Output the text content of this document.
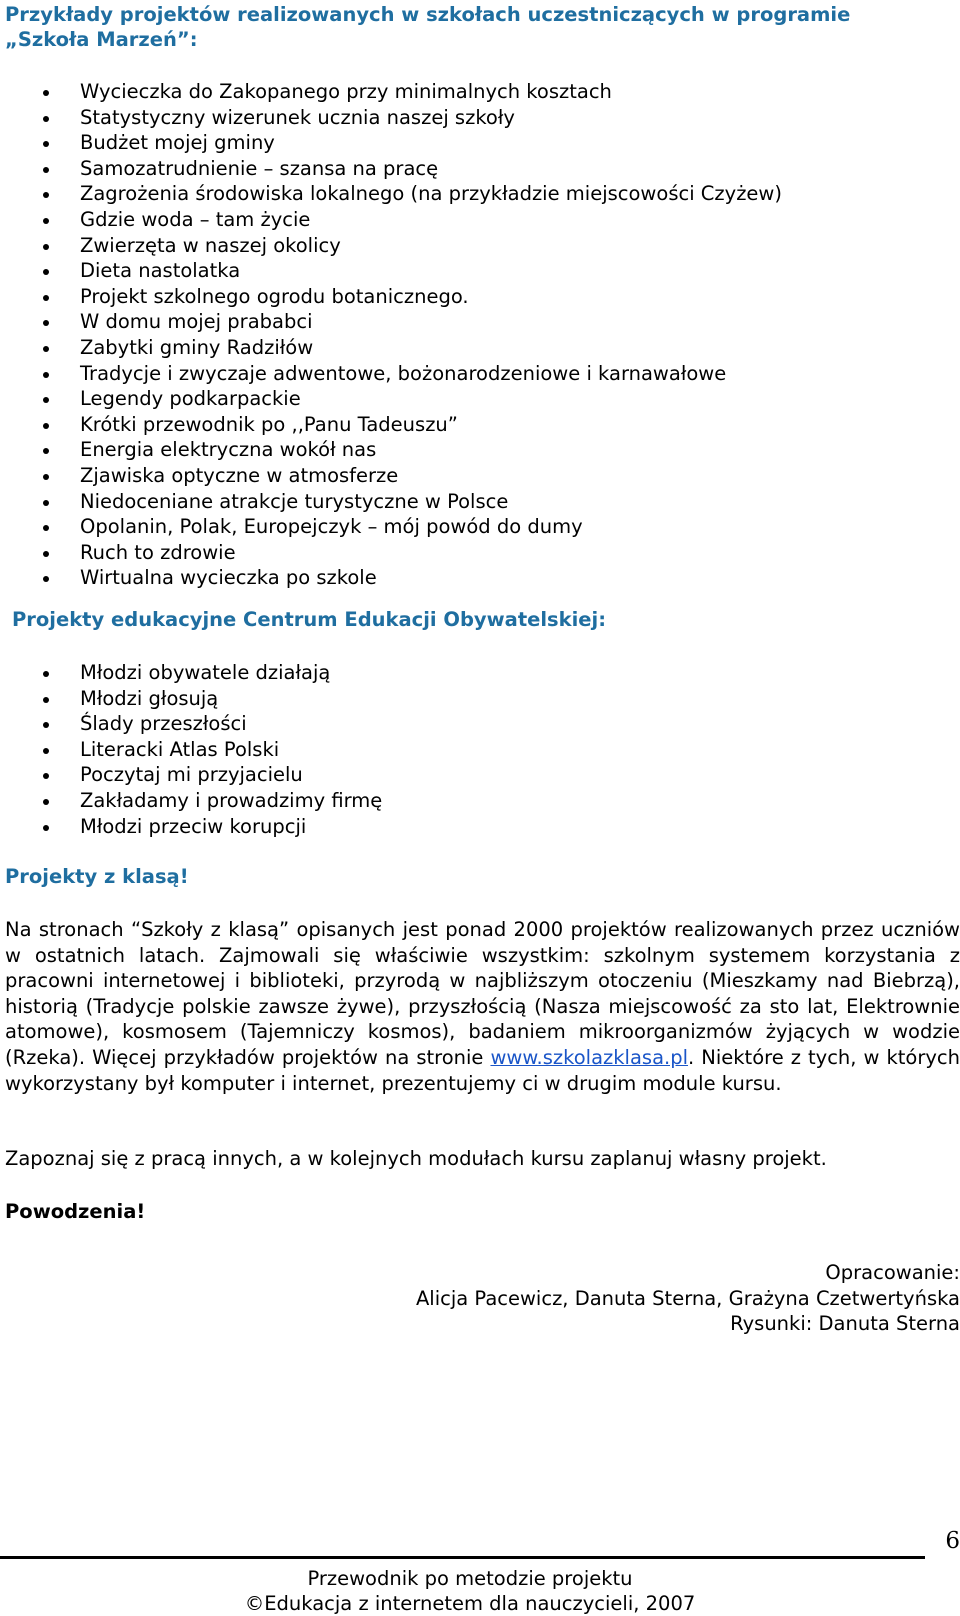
Przykłady projektów realizowanych w szkołach uczestniczących w programie
„Szkoła Marzeń”:
Wycieczka do Zakopanego przy minimalnych kosztach
Statystyczny wizerunek ucznia naszej szkoły
Budżet mojej gminy
Samozatrudnienie – szansa na pracę
Zagrożenia środowiska lokalnego (na przykładzie miejscowości Czyżew)
Gdzie woda – tam życie
Zwierzęta w naszej okolicy
Dieta nastolatka
Projekt szkolnego ogrodu botanicznego.
W domu mojej prababci
Zabytki gminy Radziłów
Tradycje i zwyczaje adwentowe, bożonarodzeniowe i karnawałowe
Legendy podkarpackie
Krótki przewodnik po ,,Panu Tadeuszu”
Energia elektryczna wokół nas
Zjawiska optyczne w atmosferze
Niedoceniane atrakcje turystyczne w Polsce
Opolanin, Polak, Europejczyk – mój powód do dumy
Ruch to zdrowie
Wirtualna wycieczka po szkole
Projekty edukacyjne Centrum Edukacji Obywatelskiej:
Młodzi obywatele działają
Młodzi głosują
Ślady przeszłości
Literacki Atlas Polski
Poczytaj mi przyjacielu
Zakładamy i prowadzimy firmę
Młodzi przeciw korupcji
Projekty z klasą!

Na stronach “Szkoły z klasą” opisanych jest ponad 2000 projektów realizowanych przez uczniów w ostatnich latach. Zajmowali się właściwie wszystkim: szkolnym systemem korzystania z pracowni internetowej i biblioteki, przyrodą w najbliższym otoczeniu (Mieszkamy nad Biebrzą), historią (Tradycje polskie zawsze żywe), przyszłością (Nasza miejscowość za sto lat, Elektrownie atomowe), kosmosem (Tajemniczy kosmos), badaniem mikroorganizmów żyjących w wodzie (Rzeka). Więcej przykładów projektów na stronie www.szkolazklasa.pl. Niektóre z tych, w których wykorzystany był komputer i internet, prezentujemy ci w drugim module kursu.

Zapoznaj się z pracą innych, a w kolejnych modułach kursu zaplanuj własny projekt.

Powodzenia!

Opracowanie:
Alicja Pacewicz, Danuta Sterna, Grażyna Czetwertyńska
Rysunki: Danuta Sterna
6
Przewodnik po metodzie projektu
©Edukacja z internetem dla nauczycieli, 2007
